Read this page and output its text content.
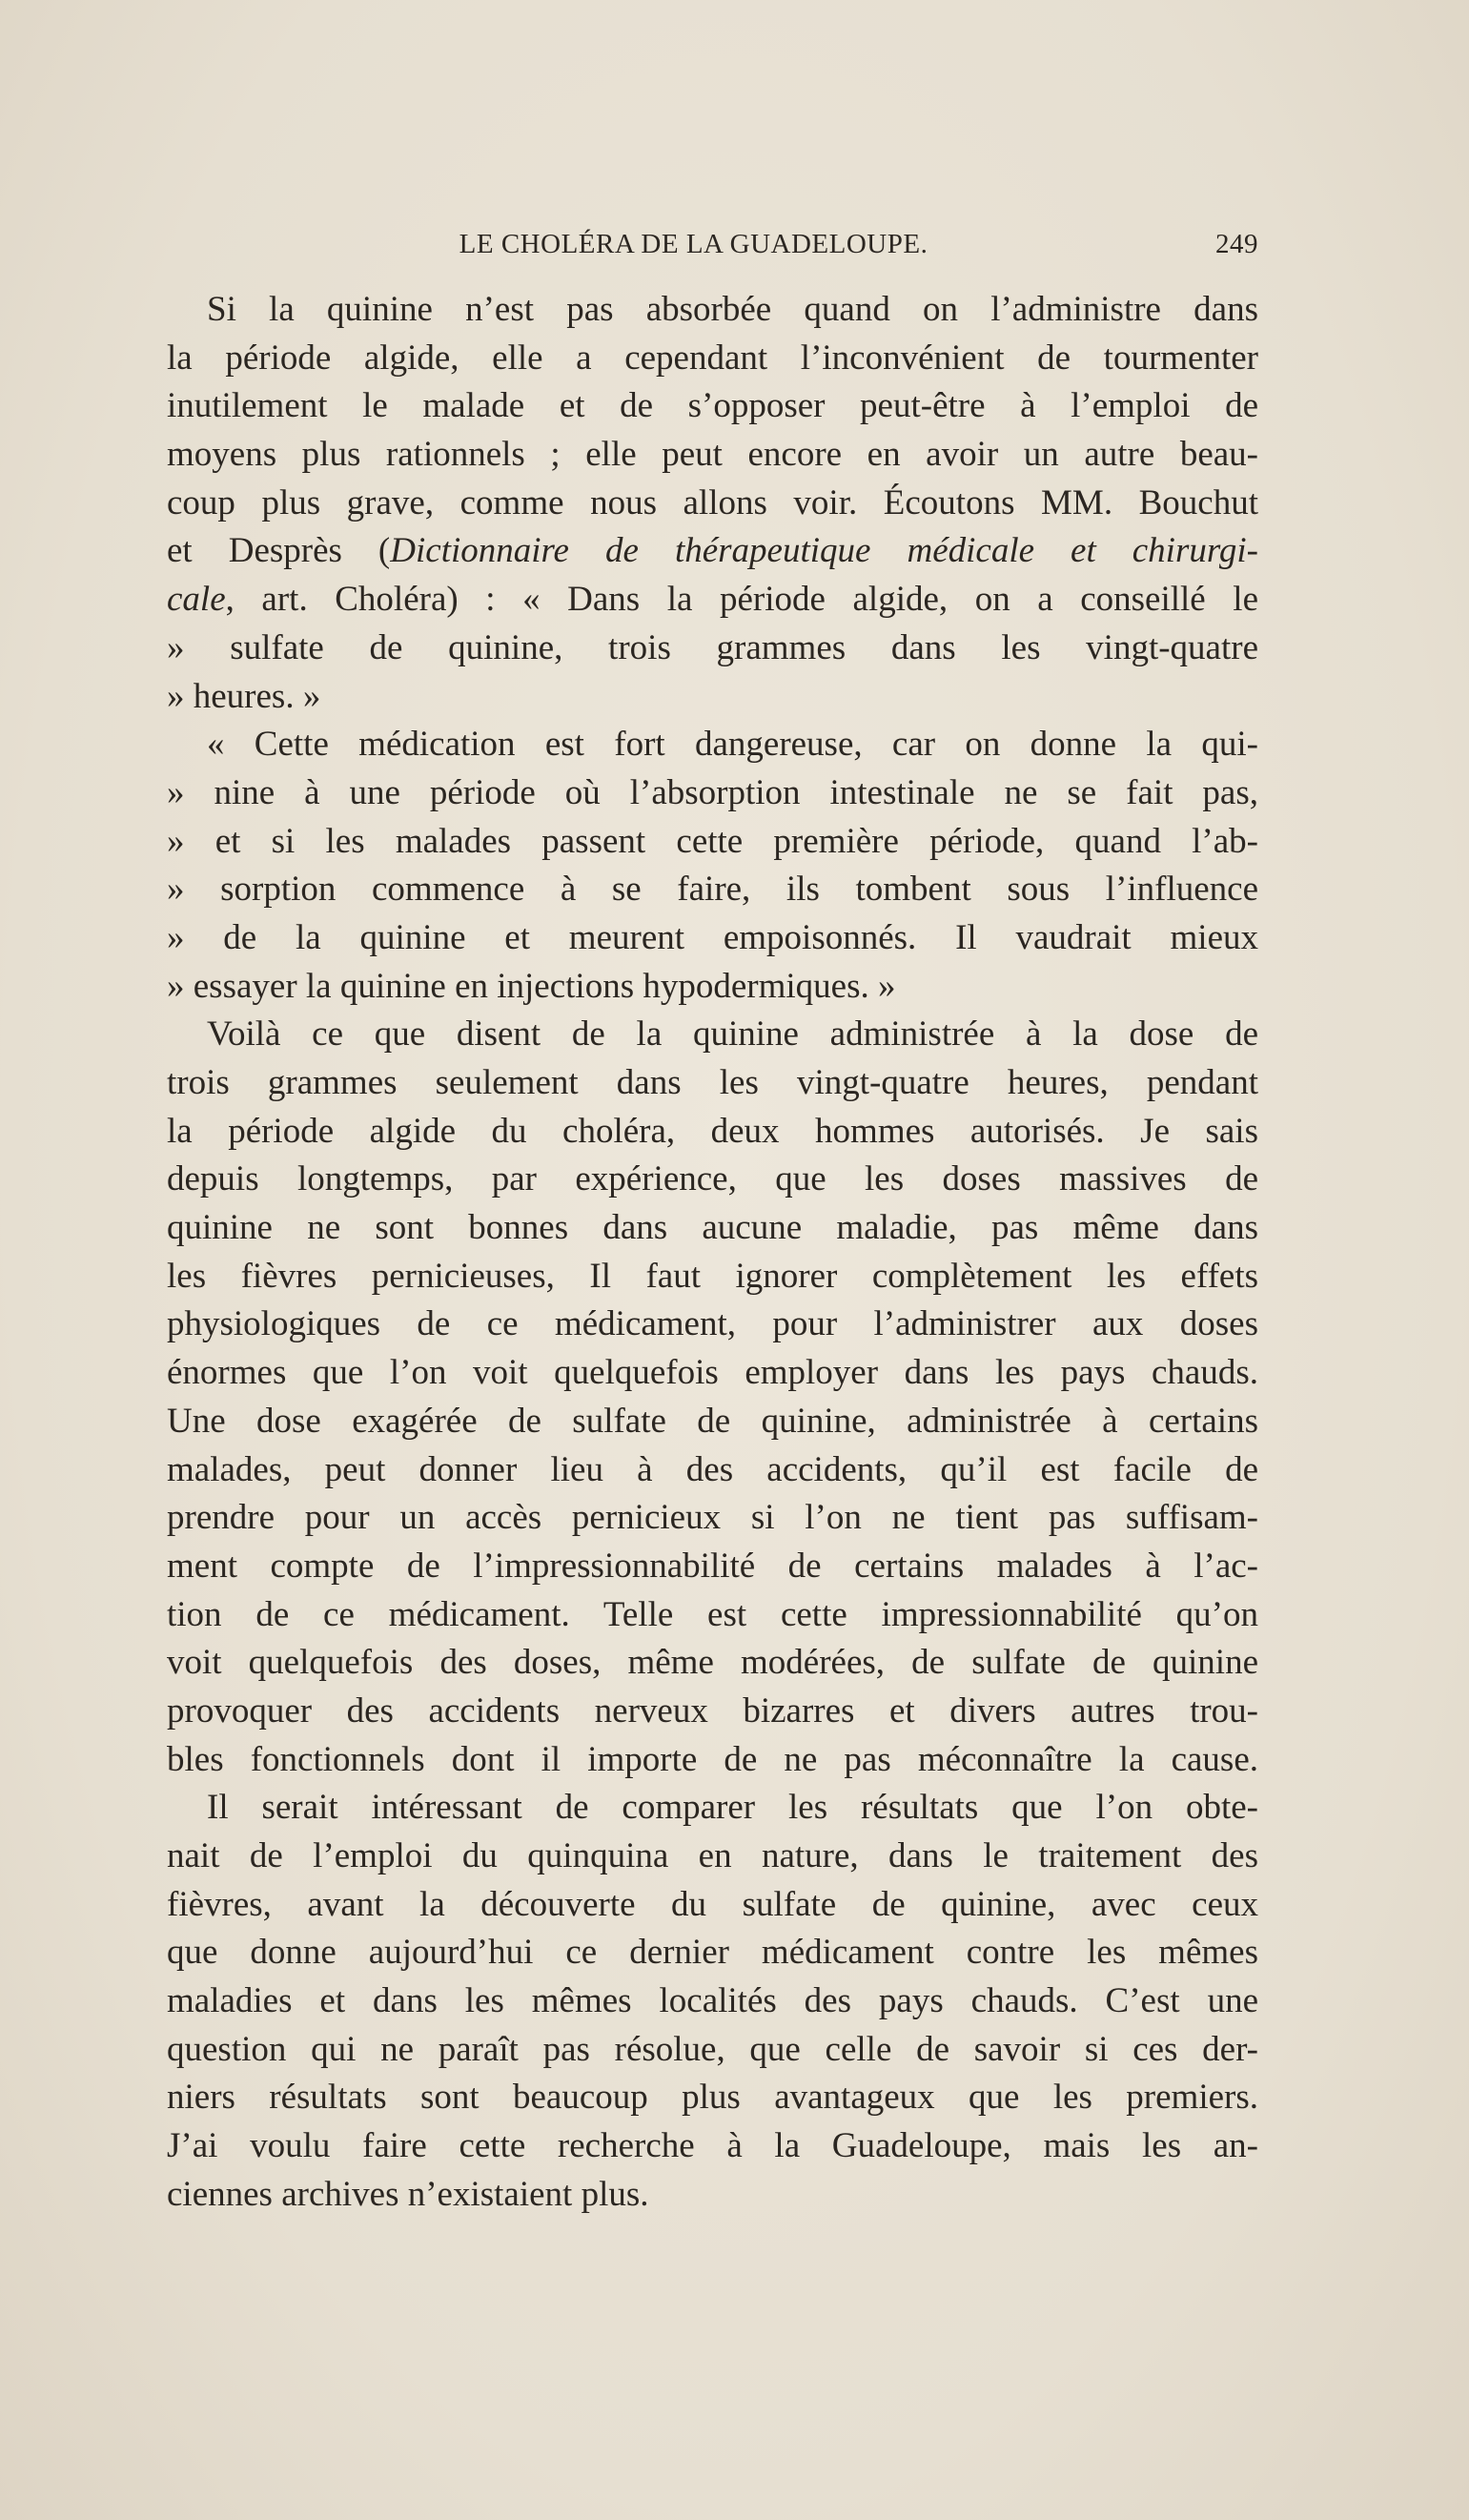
LE CHOLÉRA DE LA GUADELOUPE.	249
Si la quinine n’est pas absorbée quand on l’administre dans
la période algide, elle a cependant l’inconvénient de tourmenter
inutilement le malade et de s’opposer peut-être à l’emploi de
moyens plus rationnels ; elle peut encore en avoir un autre beau-
coup plus grave, comme nous allons voir. Écoutons MM. Bouchut
et Desprès (Dictionnaire de thérapeutique médicale et chirurgi-
cale, art. Choléra) : « Dans la période algide, on a conseillé le
» sulfate de quinine, trois grammes dans les vingt-quatre
» heures. »
« Cette médication est fort dangereuse, car on donne la qui-
» nine à une période où l’absorption intestinale ne se fait pas,
» et si les malades passent cette première période, quand l’ab-
» sorption commence à se faire, ils tombent sous l’influence
» de la quinine et meurent empoisonnés. Il vaudrait mieux
» essayer la quinine en injections hypodermiques. »
Voilà ce que disent de la quinine administrée à la dose de
trois grammes seulement dans les vingt-quatre heures, pendant
la période algide du choléra, deux hommes autorisés. Je sais
depuis longtemps, par expérience, que les doses massives de
quinine ne sont bonnes dans aucune maladie, pas même dans
les fièvres pernicieuses, Il faut ignorer complètement les effets
physiologiques de ce médicament, pour l’administrer aux doses
énormes que l’on voit quelquefois employer dans les pays chauds.
Une dose exagérée de sulfate de quinine, administrée à certains
malades, peut donner lieu à des accidents, qu’il est facile de
prendre pour un accès pernicieux si l’on ne tient pas suffisam-
ment compte de l’impressionnabilité de certains malades à l’ac-
tion de ce médicament. Telle est cette impressionnabilité qu’on
voit quelquefois des doses, même modérées, de sulfate de quinine
provoquer des accidents nerveux bizarres et divers autres trou-
bles fonctionnels dont il importe de ne pas méconnaître la cause.
Il serait intéressant de comparer les résultats que l’on obte-
nait de l’emploi du quinquina en nature, dans le traitement des
fièvres, avant la découverte du sulfate de quinine, avec ceux
que donne aujourd’hui ce dernier médicament contre les mêmes
maladies et dans les mêmes localités des pays chauds. C’est une
question qui ne paraît pas résolue, que celle de savoir si ces der-
niers résultats sont beaucoup plus avantageux que les premiers.
J’ai voulu faire cette recherche à la Guadeloupe, mais les an-
ciennes archives n’existaient plus.
